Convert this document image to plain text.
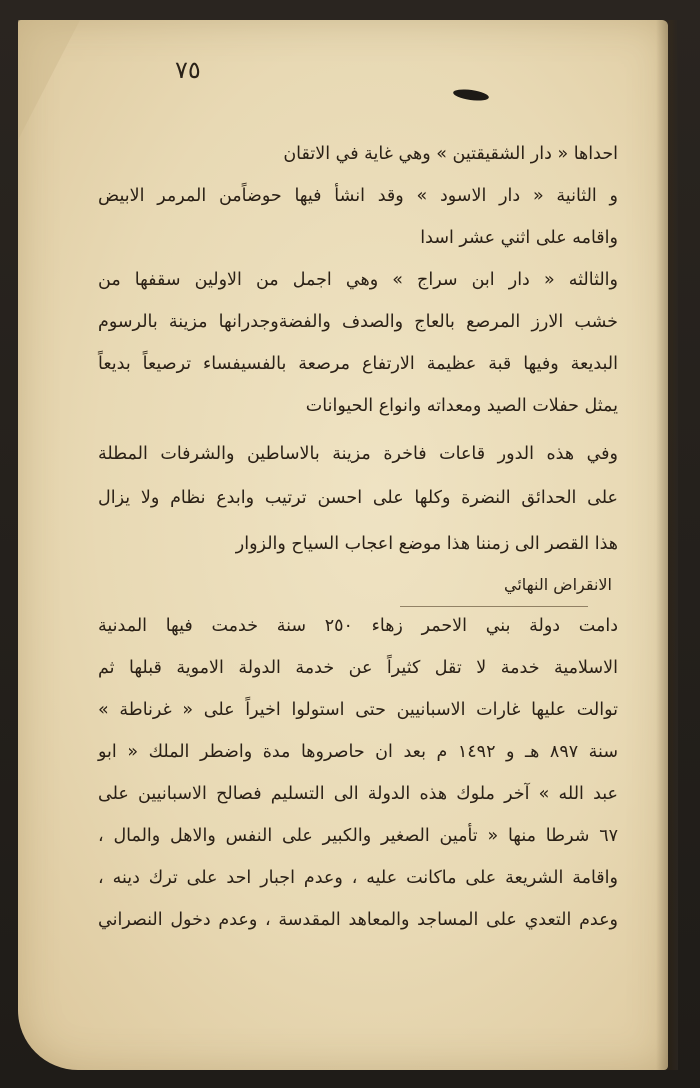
٧٥
احداها « دار الشقيقتين » وهي غاية في الاتقان
و الثانية « دار الاسود » وقد انشأ فيها حوضاًمن المرمر الابيض
واقامه على اثني عشر اسدا
والثالثه « دار ابن سراج » وهي اجمل من الاولين سقفها من
خشب الارز المرصع بالعاج والصدف والفضةوجدرانها مزينة بالرسوم
البديعة وفيها قبة عظيمة الارتفاع مرصعة بالفسيفساء ترصيعاً بديعاً
يمثل حفلات الصيد ومعداته وانواع الحيوانات
وفي هذه الدور قاعات فاخرة مزينة بالاساطين والشرفات المطلة
على الحدائق النضرة وكلها على احسن ترتيب وابدع نظام ولا يزال
هذا القصر الى زمننا هذا موضع اعجاب السياح والزوار
الانقراض النهائي
دامت دولة بني الاحمر زهاء ٢٥٠ سنة خدمت فيها المدنية
الاسلامية خدمة لا تقل كثيراً عن خدمة الدولة الاموية قبلها ثم
توالت عليها غارات الاسبانيين حتى استولوا اخيراً على « غرناطة »
سنة ٨٩٧ هـ و ١٤٩٢ م بعد ان حاصروها مدة واضطر الملك « ابو
عبد الله » آخر ملوك هذه الدولة الى التسليم فصالح الاسبانيين على
٦٧ شرطا منها « تأمين الصغير والكبير على النفس والاهل والمال ،
واقامة الشريعة على ماكانت عليه ، وعدم اجبار احد على ترك دينه ،
وعدم التعدي على المساجد والمعاهد المقدسة ، وعدم دخول النصراني
